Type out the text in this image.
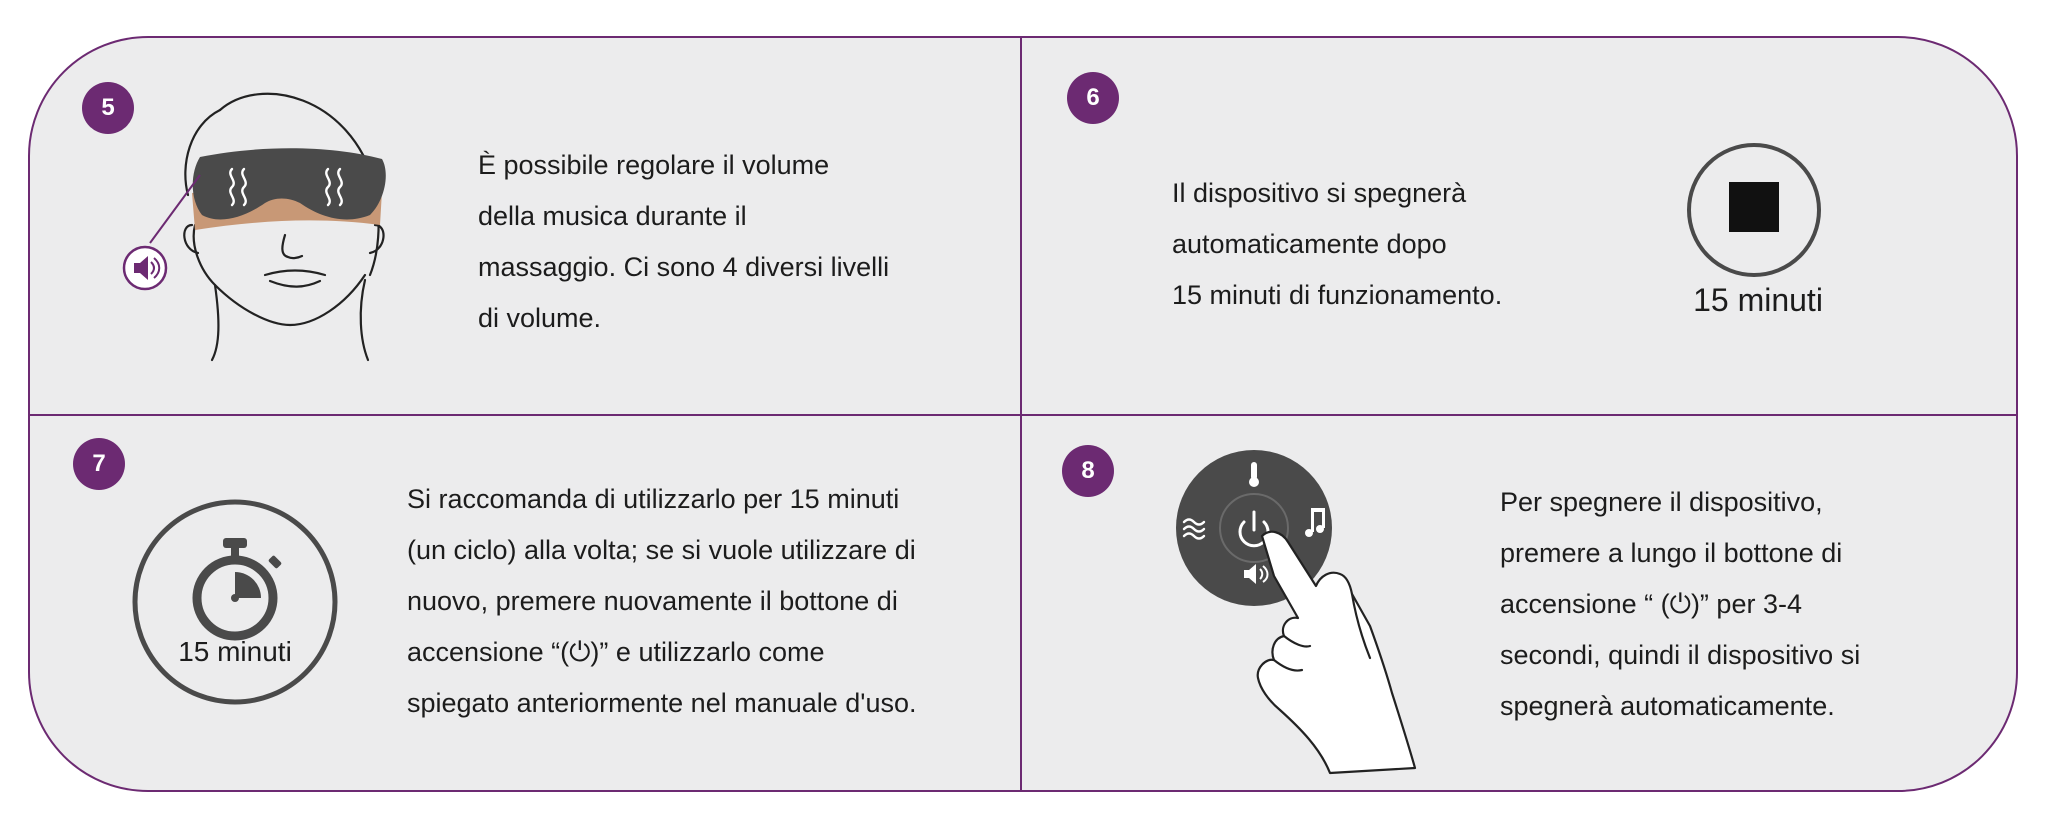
5

È possibile regolare il volume

della musica durante il

massaggio. Ci sono 4 diversi livelli

di volume.

6

Il dispositivo si spegnerà

automaticamente dopo

15 minuti di funzionamento.	15 minuti
7
15 minuti

Si raccomanda di utilizzarlo per 15 minuti

(un ciclo) alla volta; se si vuole utilizzare di

nuovo, premere nuovamente il bottone di

accensione “(⏻)” e utilizzarlo come

spiegato anteriormente nel manuale d'uso.

8

Per spegnere il dispositivo,

premere a lungo il bottone di

accensione “ (⏻)” per 3-4

secondi, quindi il dispositivo si

spegnerà automaticamente.
